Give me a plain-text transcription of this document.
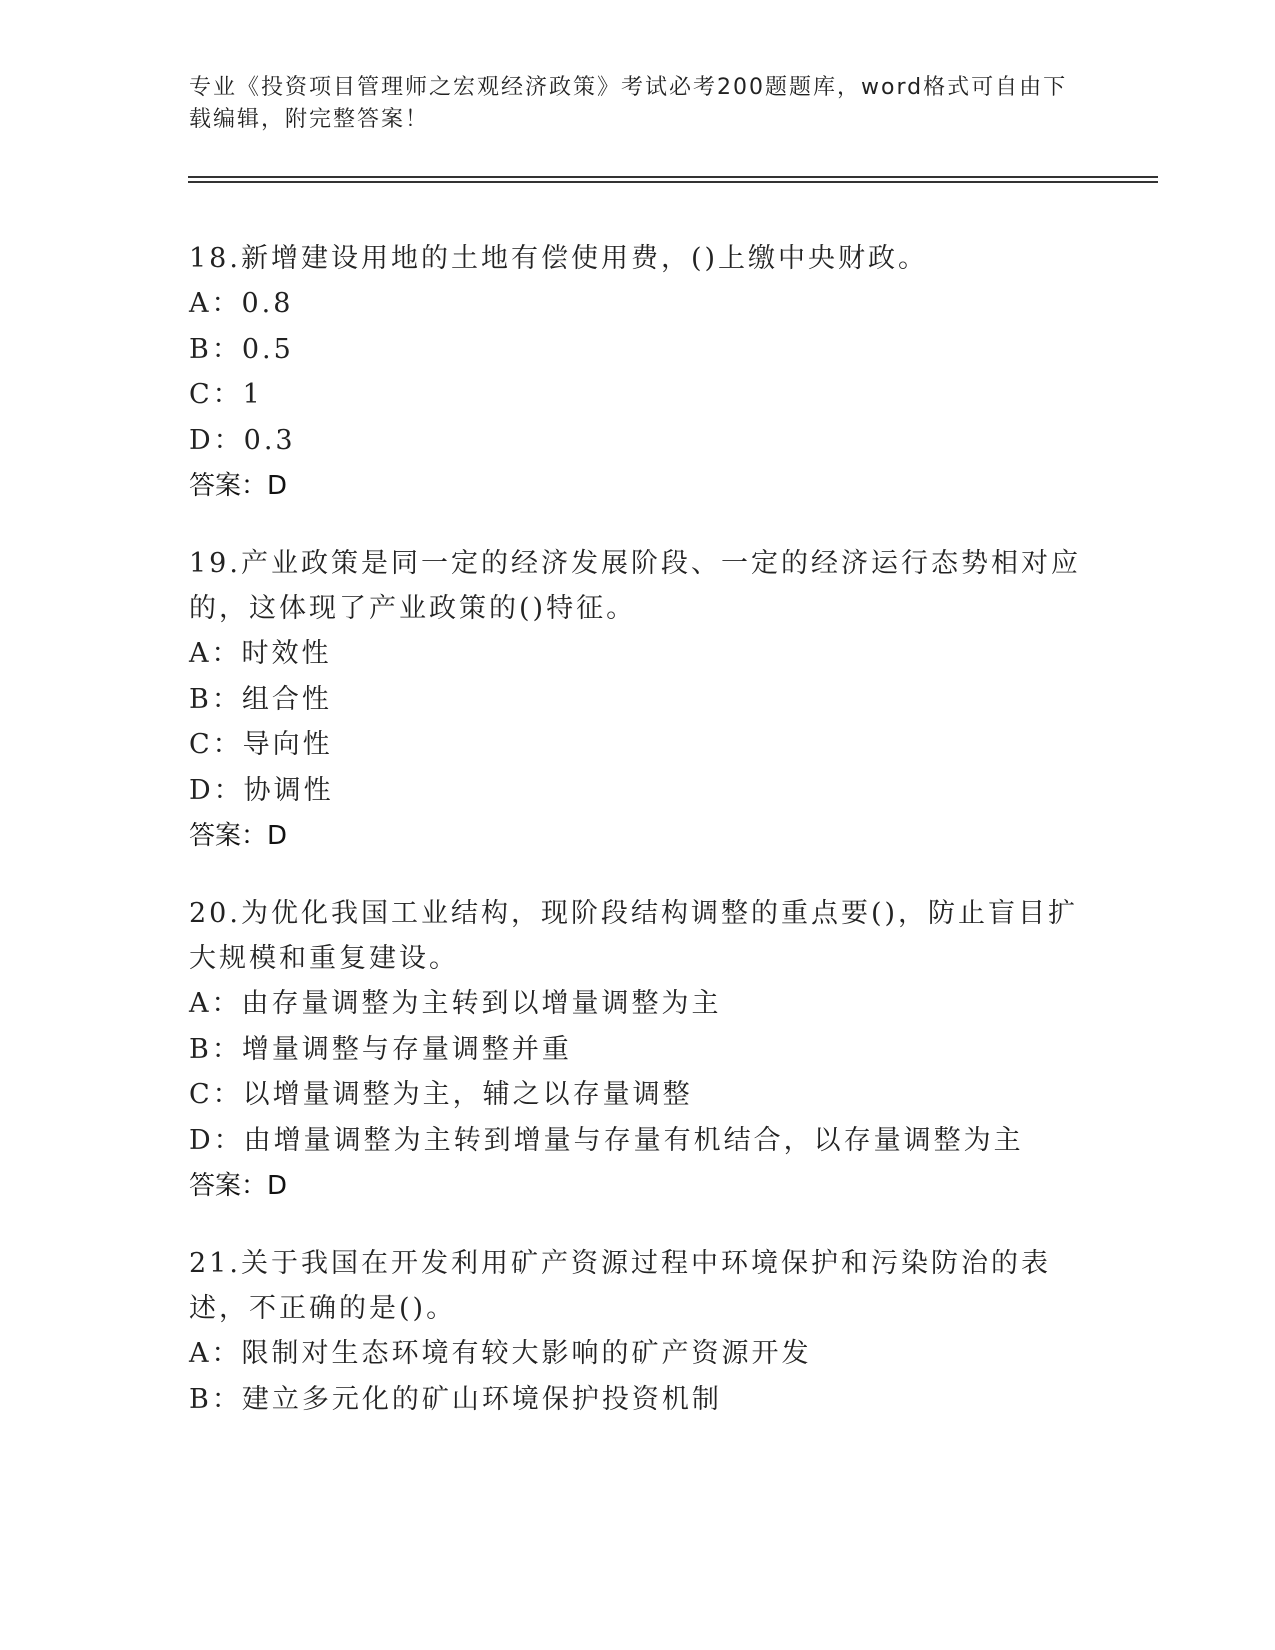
专业《投资项目管理师之宏观经济政策》考试必考200题题库，word格式可自由下载编辑，附完整答案！
18.新增建设用地的土地有偿使用费，()上缴中央财政。
A：0.8
B：0.5
C：1
D：0.3
答案：D
19.产业政策是同一定的经济发展阶段、一定的经济运行态势相对应的，这体现了产业政策的()特征。
A：时效性
B：组合性
C：导向性
D：协调性
答案：D
20.为优化我国工业结构，现阶段结构调整的重点要()，防止盲目扩大规模和重复建设。
A：由存量调整为主转到以增量调整为主
B：增量调整与存量调整并重
C：以增量调整为主，辅之以存量调整
D：由增量调整为主转到增量与存量有机结合，以存量调整为主
答案：D
21.关于我国在开发利用矿产资源过程中环境保护和污染防治的表述，不正确的是()。
A：限制对生态环境有较大影响的矿产资源开发
B：建立多元化的矿山环境保护投资机制
